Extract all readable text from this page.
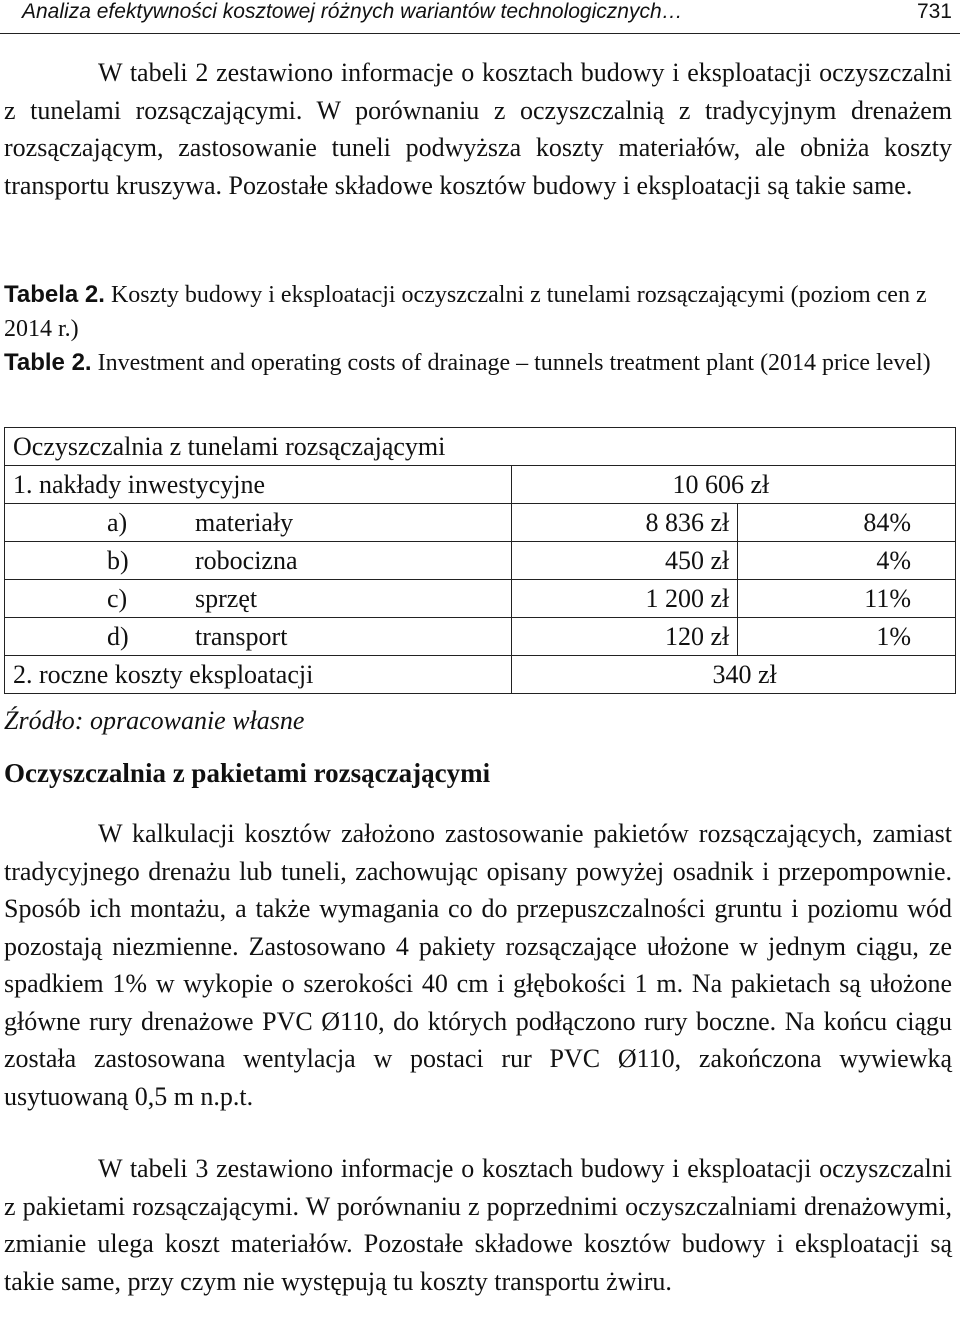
Analiza efektywności kosztowej różnych wariantów technologicznych…	731

W tabeli 2 zestawiono informacje o kosztach budowy i eksploatacji oczyszczalni z tunelami rozsączającymi. W porównaniu z oczyszczalnią z tradycyjnym drenażem rozsączającym, zastosowanie tuneli podwyższa koszty materiałów, ale obniża koszty transportu kruszywa. Pozostałe składowe kosztów budowy i eksploatacji są takie same.

Tabela 2. Koszty budowy i eksploatacji oczyszczalni z tunelami rozsączającymi (poziom cen z 2014 r.)

Table 2. Investment and operating costs of drainage – tunnels treatment plant (2014 price level)

Oczyszczalnia z tunelami rozsączającymi		
1. nakłady inwestycyjne	10 606 zł	
a) materiały	8 836 zł	84%
b) robocizna	450 zł	4%
c) sprzęt	1 200 zł	11%
d) transport	120 zł	1%
2. roczne koszty eksploatacji	340 zł	
Źródło: opracowanie własne
Oczyszczalnia z pakietami rozsączającymi

W kalkulacji kosztów założono zastosowanie pakietów rozsączających, zamiast tradycyjnego drenażu lub tuneli, zachowując opisany powyżej osadnik i przepompownie. Sposób ich montażu, a także wymagania co do przepuszczalności gruntu i poziomu wód pozostają niezmienne. Zastosowano 4 pakiety rozsączające ułożone w jednym ciągu, ze spadkiem 1% w wykopie o szerokości 40 cm i głębokości 1 m. Na pakietach są ułożone główne rury drenażowe PVC Ø110, do których podłączono rury boczne. Na końcu ciągu została zastosowana wentylacja w postaci rur PVC Ø110, zakończona wywiewką usytuowaną 0,5 m n.p.t.

W tabeli 3 zestawiono informacje o kosztach budowy i eksploatacji oczyszczalni z pakietami rozsączającymi. W porównaniu z poprzednimi oczyszczalniami drenażowymi, zmianie ulega koszt materiałów. Pozostałe składowe kosztów budowy i eksploatacji są takie same, przy czym nie występują tu koszty transportu żwiru.
